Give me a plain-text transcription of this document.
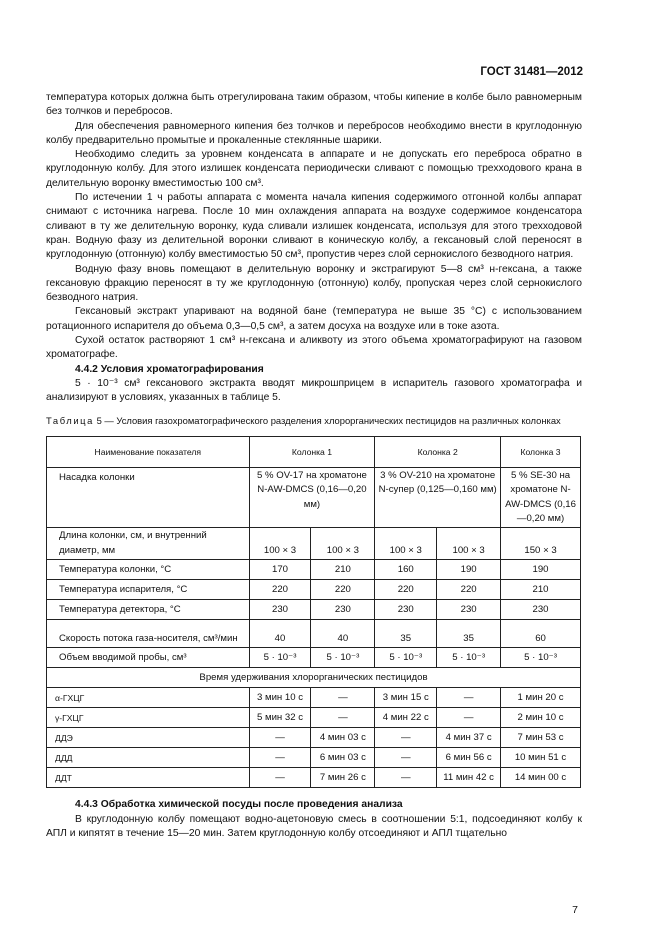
ГОСТ 31481—2012

температура которых должна быть отрегулирована таким образом, чтобы кипение в колбе было равномерным без толчков и перебросов.

Для обеспечения равномерного кипения без толчков и перебросов необходимо внести в круглодонную колбу предварительно промытые и прокаленные стеклянные шарики.

Необходимо следить за уровнем конденсата в аппарате и не допускать его переброса обратно в круглодонную колбу. Для этого излишек конденсата периодически сливают с помощью трехходового крана в делительную воронку вместимостью 100 см³.

По истечении 1 ч работы аппарата с момента начала кипения содержимого отгонной колбы аппарат снимают с источника нагрева. После 10 мин охлаждения аппарата на воздухе содержимое конденсатора сливают в ту же делительную воронку, куда сливали излишек конденсата, используя для этого трехходовой кран. Водную фазу из делительной воронки сливают в коническую колбу, а гексановый слой переносят в круглодонную (отгонную) колбу вместимостью 50 см³, пропустив через слой сернокислого безводного натрия.

Водную фазу вновь помещают в делительную воронку и экстрагируют 5—8 см³ н-гексана, а также гексановую фракцию переносят в ту же круглодонную (отгонную) колбу, пропуская через слой сернокислого безводного натрия.

Гексановый экстракт упаривают на водяной бане (температура не выше 35 °С) с использованием ротационного испарителя до объема 0,3—0,5 см³, а затем досуха на воздухе или в токе азота.

Сухой остаток растворяют 1 см³ н-гексана и аликвоту из этого объема хроматографируют на газовом хроматографе.

4.4.2 Условия хроматографирования

5 · 10⁻³ см³ гексанового экстракта вводят микрошприцем в испаритель газового хроматографа и анализируют в условиях, указанных в таблице 5.

Таблица 5 — Условия газохроматографического разделения хлорорганических пестицидов на различных колонках
Наименование показателя	Колонка 1		Колонка 2		Колонка 3
Насадка колонки	5 % OV-17 на хроматоне N-AW-DMCS (0,16—0,20 мм)		3 % OV-210 на хроматоне N-супер (0,125—0,160 мм)		5 % SE-30 на хроматоне N-AW-DMCS (0,16—0,20 мм)
Длина колонки, см, и внутренний диаметр, мм	100 × 3	100 × 3	100 × 3	100 × 3	150 × 3
Температура колонки, °С	170	210	160	190	190
Температура испарителя, °С	220	220	220	220	210
Температура детектора, °С	230	230	230	230	230
Скорость потока газа-носителя, см³/мин	40	40	35	35	60
Объем вводимой пробы, см³	5 · 10⁻³	5 · 10⁻³	5 · 10⁻³	5 · 10⁻³	5 · 10⁻³
Время удерживания хлорорганических пестицидов					
α-ГХЦГ	3 мин 10 с	—	3 мин 15 с	—	1 мин 20 с
γ-ГХЦГ	5 мин 32 с	—	4 мин 22 с	—	2 мин 10 с
ДДЭ	—	4 мин 03 с	—	4 мин 37 с	7 мин 53 с
ДДД	—	6 мин 03 с	—	6 мин 56 с	10 мин 51 с
ДДТ	—	7 мин 26 с	—	11 мин 42 с	14 мин 00 с
4.4.3 Обработка химической посуды после проведения анализа

В круглодонную колбу помещают водно-ацетоновую смесь в соотношении 5:1, подсоединяют колбу к АПЛ и кипятят в течение 15—20 мин. Затем круглодонную колбу отсоединяют и АПЛ тщательно

7
